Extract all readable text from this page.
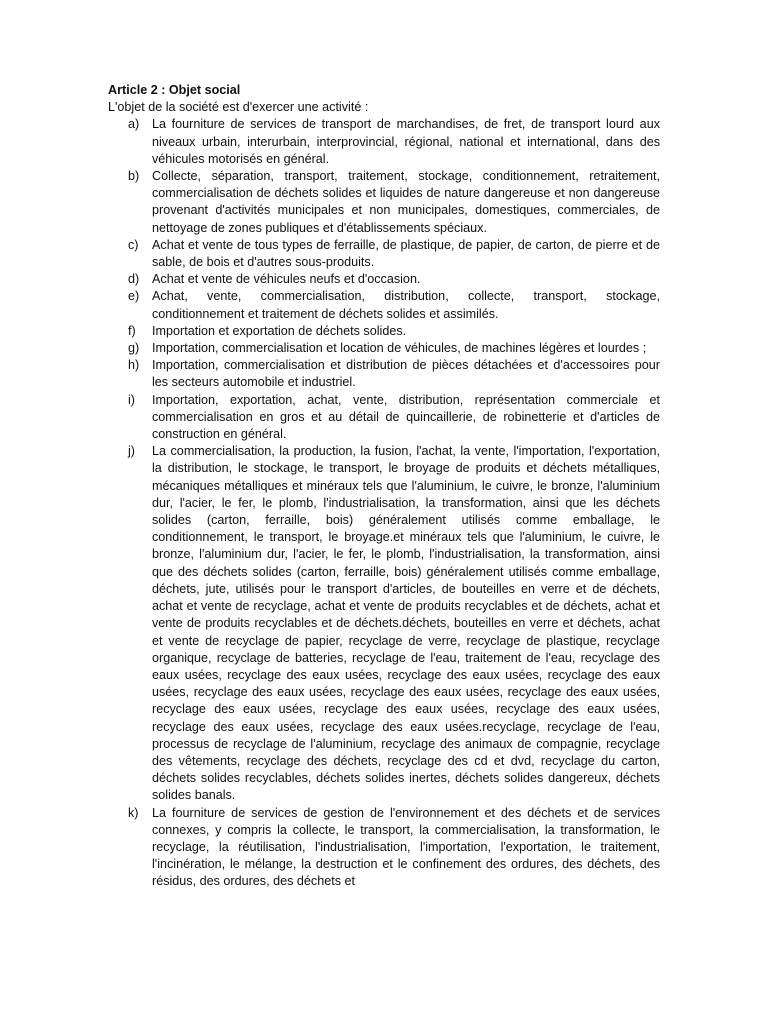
Article 2 : Objet social

L'objet de la société est d'exercer une activité :

a)	La fourniture de services de transport de marchandises, de fret, de transport lourd aux niveaux urbain, interurbain, interprovincial, régional, national et international, dans des véhicules motorisés en général.
b)	Collecte, séparation, transport, traitement, stockage, conditionnement, retraitement, commercialisation de déchets solides et liquides de nature dangereuse et non dangereuse provenant d'activités municipales et non municipales, domestiques, commerciales, de nettoyage de zones publiques et d'établissements spéciaux.
c)	Achat et vente de tous types de ferraille, de plastique, de papier, de carton, de pierre et de sable, de bois et d'autres sous-produits.
d)	Achat et vente de véhicules neufs et d'occasion.
e)	Achat, vente, commercialisation, distribution, collecte, transport, stockage, conditionnement et traitement de déchets solides et assimilés.
f)	Importation et exportation de déchets solides.
g)	Importation, commercialisation et location de véhicules, de machines légères et lourdes ;
h)	Importation, commercialisation et distribution de pièces détachées et d'accessoires pour les secteurs automobile et industriel.
i)	Importation, exportation, achat, vente, distribution, représentation commerciale et commercialisation en gros et au détail de quincaillerie, de robinetterie et d'articles de construction en général.
j)	La commercialisation, la production, la fusion, l'achat, la vente, l'importation, l'exportation, la distribution, le stockage, le transport, le broyage de produits et déchets métalliques, mécaniques métalliques et minéraux tels que l'aluminium, le cuivre, le bronze, l'aluminium dur, l'acier, le fer, le plomb, l'industrialisation, la transformation, ainsi que les déchets solides (carton, ferraille, bois) généralement utilisés comme emballage, le conditionnement, le transport, le broyage.et minéraux tels que l'aluminium, le cuivre, le bronze, l'aluminium dur, l'acier, le fer, le plomb, l'industrialisation, la transformation, ainsi que des déchets solides (carton, ferraille, bois) généralement utilisés comme emballage, déchets, jute, utilisés pour le transport d'articles, de bouteilles en verre et de déchets, achat et vente de recyclage, achat et vente de produits recyclables et de déchets, achat et vente de produits recyclables et de déchets.déchets, bouteilles en verre et déchets, achat et vente de recyclage de papier, recyclage de verre, recyclage de plastique, recyclage organique, recyclage de batteries, recyclage de l'eau, traitement de l'eau, recyclage des eaux usées, recyclage des eaux usées, recyclage des eaux usées, recyclage des eaux usées, recyclage des eaux usées, recyclage des eaux usées, recyclage des eaux usées, recyclage des eaux usées, recyclage des eaux usées, recyclage des eaux usées, recyclage des eaux usées, recyclage des eaux usées.recyclage, recyclage de l'eau, processus de recyclage de l'aluminium, recyclage des animaux de compagnie, recyclage des vêtements, recyclage des déchets, recyclage des cd et dvd, recyclage du carton, déchets solides recyclables, déchets solides inertes, déchets solides dangereux, déchets solides banals.
k)	La fourniture de services de gestion de l'environnement et des déchets et de services connexes, y compris la collecte, le transport, la commercialisation, la transformation, le recyclage, la réutilisation, l'industrialisation, l'importation, l'exportation, le traitement, l'incinération, le mélange, la destruction et le confinement des ordures, des déchets, des résidus, des ordures, des déchets et
